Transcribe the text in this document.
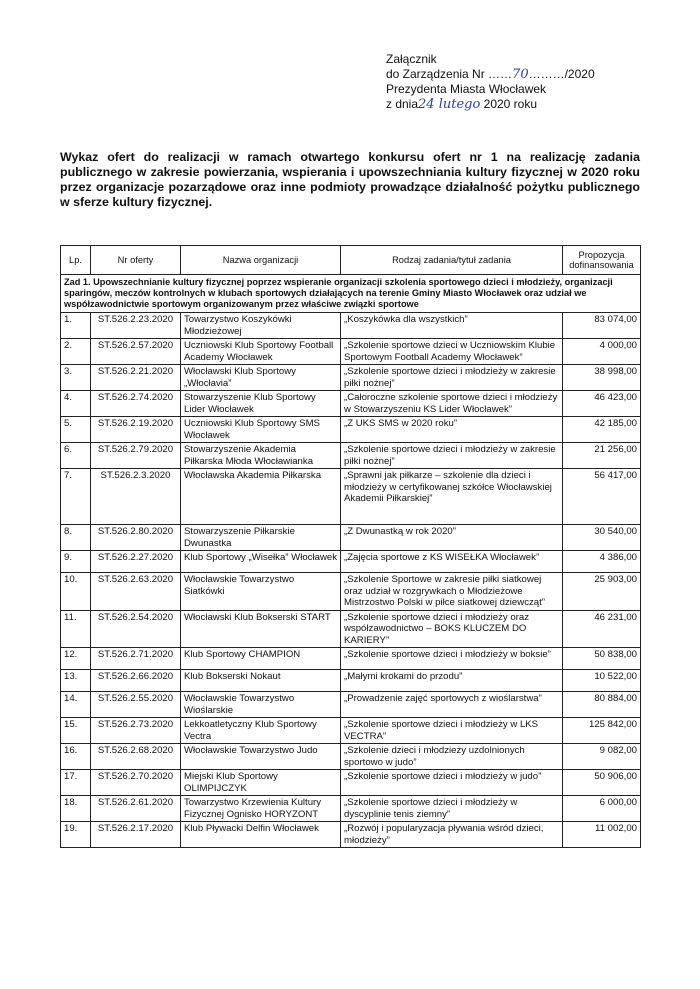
Załącznik
do Zarządzenia Nr ……70………/2020
Prezydenta Miasta Włocławek
z dnia24 lutego 2020 roku
Wykaz ofert do realizacji w ramach otwartego konkursu ofert nr 1 na realizację zadania publicznego w zakresie powierzania, wspierania i upowszechniania kultury fizycznej w 2020 roku przez organizacje pozarządowe oraz inne podmioty prowadzące działalność pożytku publicznego w sferze kultury fizycznej.
Lp.	Nr oferty	Nazwa organizacji	Rodzaj zadania/tytuł zadania	Propozycja dofinansowania
Zad 1. Upowszechnianie kultury fizycznej poprzez wspieranie organizacji szkolenia sportowego dzieci i młodzieży, organizacji sparingów, meczów kontrolnych w klubach sportowych działających na terenie Gminy Miasto Włocławek oraz udział we współzawodnictwie sportowym organizowanym przez właściwe związki sportowe				
1.	ST.526.2.23.2020	Towarzystwo Koszykówki Młodzieżowej	„Koszykówka dla wszystkich”	83 074,00
2.	ST.526.2.57.2020	Uczniowski Klub Sportowy Football Academy Włocławek	„Szkolenie sportowe dzieci w Uczniowskim Klubie Sportowym Football Academy Włocławek”	4 000,00
3.	ST.526.2.21.2020	Włocławski Klub Sportowy „Włocłavia”	„Szkolenie sportowe dzieci i młodzieży w zakresie piłki nożnej”	38 998,00
4.	ST.526.2.74.2020	Stowarzyszenie Klub Sportowy Lider Włocławek	„Całoroczne szkolenie sportowe dzieci i młodzieży w Stowarzyszeniu KS Lider Włocławek”	46 423,00
5.	ST.526.2.19.2020	Uczniowski Klub Sportowy SMS Włocławek	„Z UKS SMS w 2020 roku”	42 185,00
6.	ST.526.2.79.2020	Stowarzyszenie Akademia Piłkarska Młoda Włocławianka	„Szkolenie sportowe dzieci i młodzieży w zakresie piłki nożnej”	21 256,00
7.	ST.526.2.3.2020	Włocławska Akademia Piłkarska	„Sprawni jak piłkarze – szkolenie dla dzieci i młodzieży w certyfikowanej szkółce Włocławskiej Akademii Piłkarskiej”	56 417,00
8.	ST.526.2.80.2020	Stowarzyszenie Piłkarskie Dwunastka	„Z Dwunastką w rok 2020”	30 540,00
9.	ST.526.2.27.2020	Klub Sportowy „Wisełka” Włocławek	„Zajęcia sportowe z KS WISEŁKA Włocławek”	4 386,00
10.	ST.526.2.63.2020	Włocławskie Towarzystwo Siatkówki	„Szkolenie Sportowe w zakresie piłki siatkowej oraz udział w rozgrywkach o Młodzieżowe Mistrzostwo Polski w piłce siatkowej dziewcząt”	25 903,00
11.	ST.526.2.54.2020	Włocławski Klub Bokserski START	„Szkolenie sportowe dzieci i młodzieży oraz współzawodnictwo – BOKS KLUCZEM DO KARIERY”	46 231,00
12.	ST.526.2.71.2020	Klub Sportowy CHAMPION	„Szkolenie sportowe dzieci i młodzieży w boksie”	50 838,00
13.	ST.526.2.66.2020	Klub Bokserski Nokaut	„Małymi krokami do przodu”	10 522,00
14.	ST.526.2.55.2020	Włocławskie Towarzystwo Wioślarskie	„Prowadzenie zajęć sportowych z wioślarstwa”	80 884,00
15.	ST.526.2.73.2020	Lekkoatletyczny Klub Sportowy Vectra	„Szkolenie sportowe dzieci i młodzieży w LKS VECTRA”	125 842,00
16.	ST.526.2.68.2020	Włocławskie Towarzystwo Judo	„Szkolenie dzieci i młodzieży uzdolnionych sportowo w judo”	9 082,00
17.	ST.526.2.70.2020	Miejski Klub Sportowy OLIMPIJCZYK	„Szkolenie sportowe dzieci i młodzieży w judo”	50 906,00
18.	ST.526.2.61.2020	Towarzystwo Krzewienia Kultury Fizycznej Ognisko HORYZONT	„Szkolenie sportowe dzieci i młodzieży w dyscyplinie tenis ziemny”	6 000,00
19.	ST.526.2.17.2020	Klub Pływacki Delfin Włocławek	„Rozwój i popularyzacja pływania wśród dzieci, młodzieży”	11 002,00
